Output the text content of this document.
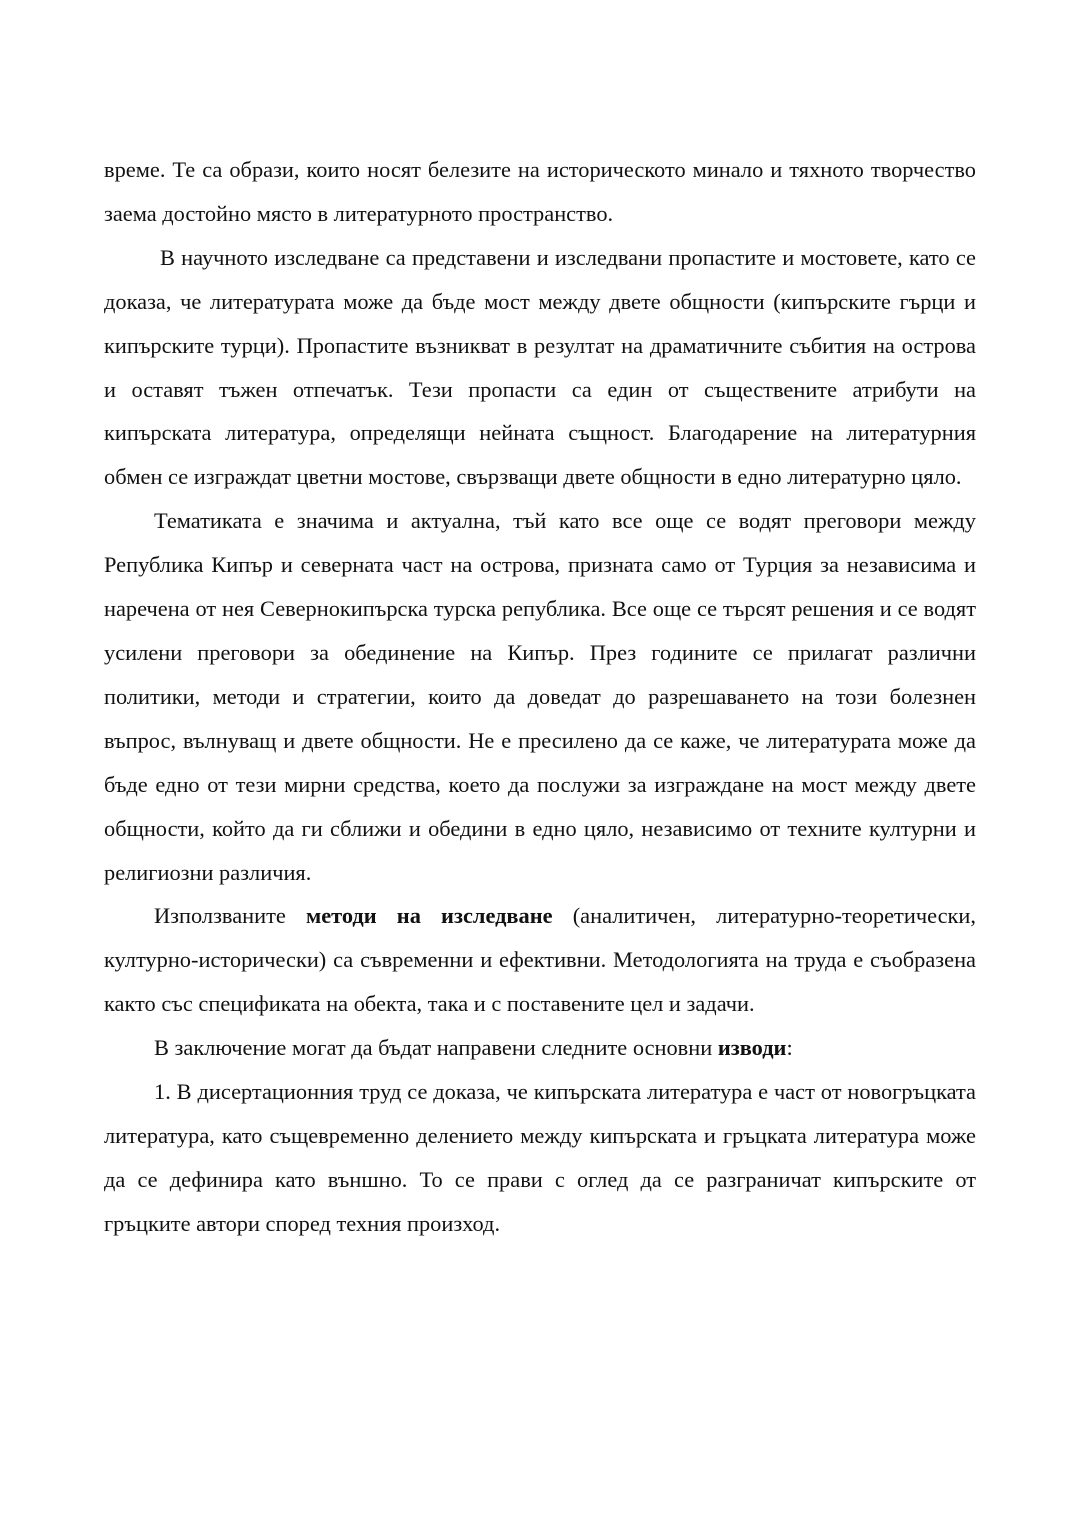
време. Те са образи, които носят белезите на историческото минало и тяхното творчество заема достойно място в литературното пространство.

В научното изследване са представени и изследвани пропастите и мостовете, като се доказа, че литературата може да бъде мост между двете общности (кипърските гърци и кипърските турци). Пропастите възникват в резултат на драматичните събития на острова и оставят тъжен отпечатък. Тези пропасти са един от съществените атрибути на кипърската литература, определящи нейната същност. Благодарение на литературния обмен се изграждат цветни мостове, свързващи двете общности в едно литературно цяло.

Тематиката е значима и актуална, тъй като все още се водят преговори между Република Кипър и северната част на острова, призната само от Турция за независима и наречена от нея Севернокипърска турска република. Все още се търсят решения и се водят усилени преговори за обединение на Кипър. През годините се прилагат различни политики, методи и стратегии, които да доведат до разрешаването на този болезнен въпрос, вълнуващ и двете общности. Не е пресилено да се каже, че литературата може да бъде едно от тези мирни средства, което да послужи за изграждане на мост между двете общности, който да ги сближи и обедини в едно цяло, независимо от техните културни и религиозни различия.

Използваните методи на изследване (аналитичен, литературно-теоретически, културно-исторически) са съвременни и ефективни. Методологията на труда е съобразена както със спецификата на обекта, така и с поставените цел и задачи.

В заключение могат да бъдат направени следните основни изводи:

1. В дисертационния труд се доказа, че кипърската литература е част от новогръцката литература, като същевременно делението между кипърската и гръцката литература може да се дефинира като външно. То се прави с оглед да се разграничат кипърските от гръцките автори според техния произход.
